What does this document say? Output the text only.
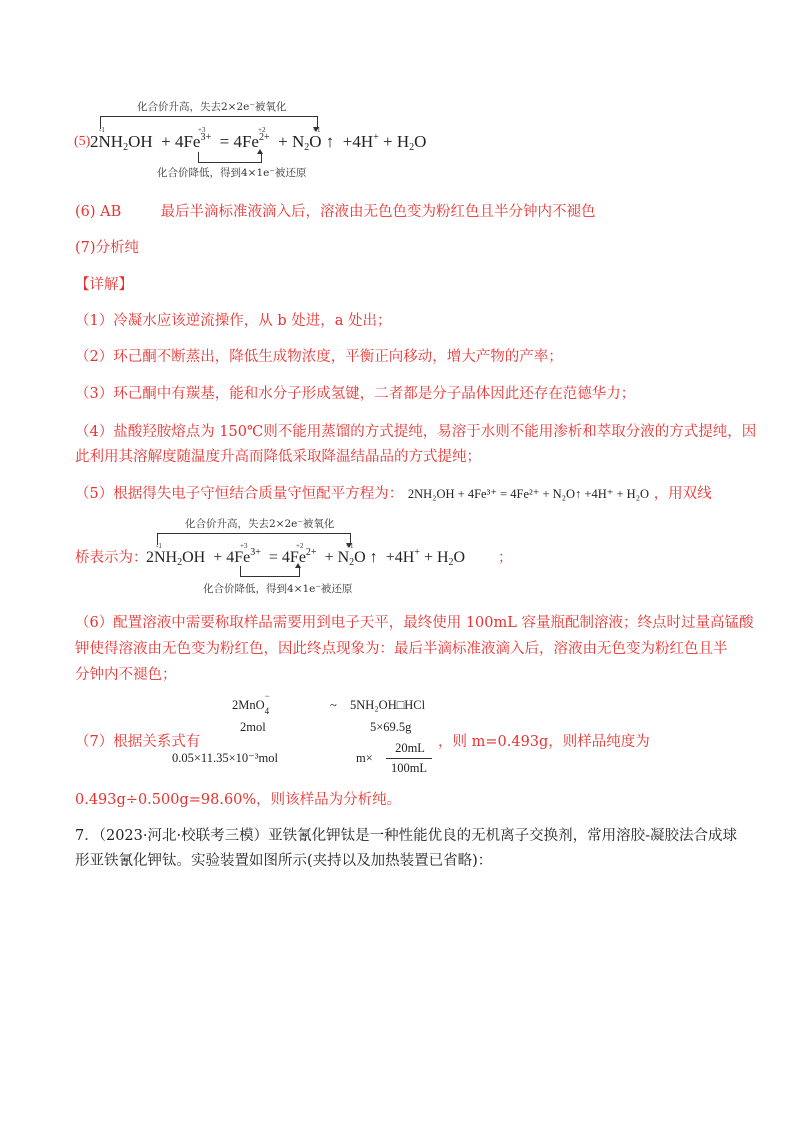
化合价升高，失去2×2e⁻被氧化
-1	+3	+2	+1
(5) $2NH_2OH + 4Fe^{3+} = 4Fe^{2+} + N_2O$ ↑ $+4H^+ + H_2O$
化合价降低，得到4×1e⁻被还原
(6) AB	最后半滴标准液滴入后，溶液由无色色变为粉红色且半分钟内不褪色
(7)分析纯
【详解】
（1）冷凝水应该逆流操作，从 b 处进，a 处出；
（2）环己酮不断蒸出，降低生成物浓度，平衡正向移动，增大产物的产率；
（3）环己酮中有羰基，能和水分子形成氢键，二者都是分子晶体因此还存在范德华力；
（4）盐酸羟胺熔点为 150℃则不能用蒸馏的方式提纯，易溶于水则不能用渗析和萃取分液的方式提纯，因
此利用其溶解度随温度升高而降低采取降温结晶品的方式提纯；
（5）根据得失电子守恒结合质量守恒配平方程为： 2NH₂OH + 4Fe³⁺ = 4Fe²⁺ + N₂O↑ +4H⁺ + H₂O ，用双线
化合价升高，失去2×2e⁻被氧化
-1	+3	+2	+1
桥表示为：
$2NH_2OH + 4Fe^{3+} = 4Fe^{2+} + N_2O$ ↑ $+4H^+ + H_2O$ ；
化合价降低，得到4×1e⁻被还原
（6）配置溶液中需要称取样品需要用到电子天平，最终使用 100mL 容量瓶配制溶液；终点时过量高锰酸
钾使得溶液由无色变为粉红色，因此终点现象为：最后半滴标准液滴入后，溶液由无色变为粉红色且半
分钟内不褪色；
2MnO
−
$_4$	~ 5NH₂OH□HCl
2mol	5×69.5g
（7）根据关系式有
0.05×11.35×10⁻³mol	m×
20mL
100mL
，则 m=0.493g，则样品纯度为
0.493g÷0.500g=98.60%，则该样品为分析纯。
7．（2023·河北·校联考三模）亚铁氰化钾钛是一种性能优良的无机离子交换剂，常用溶胶-凝胶法合成球
形亚铁氰化钾钛。实验装置如图所示(夹持以及加热装置已省略)：
